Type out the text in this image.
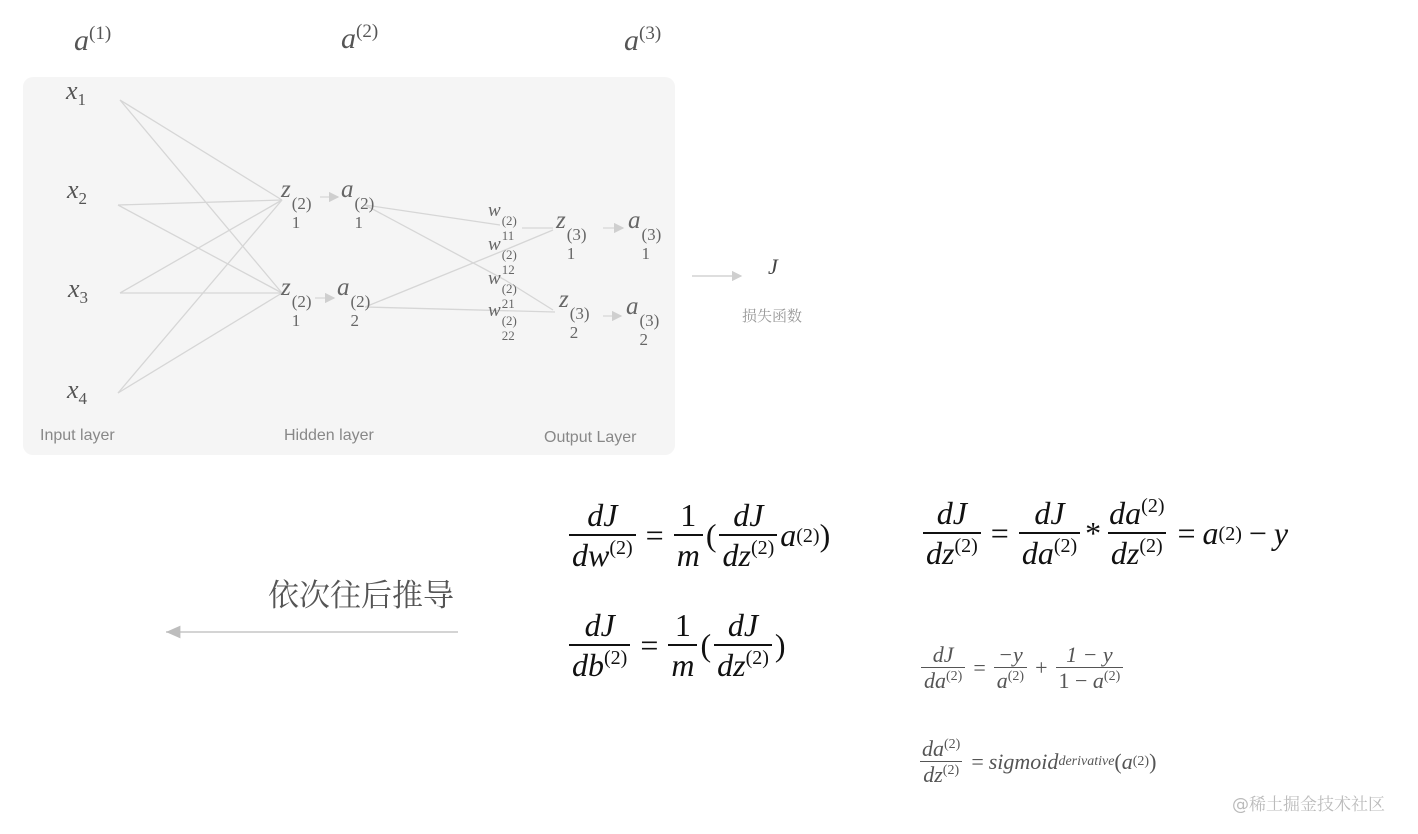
$a^{(1)}$	$a^{(2)}$	$a^{(3)}$
$x_1$
$x_2$
$x_3$
$x_4$
z
(2)
1
a
(2)
1
z
(2)
1
a
(2)
2
w (2)
11
w (2)
12
w (2)
21
w (2)
22
z
(3)
1
a
(3)
1
z
(3)
2
a
(3)
2
Input layer	Hidden layer	Output Layer
J
损失函数
依次往后推导
$\frac{dJ}{dw^{(2)}} = \frac{1}{m}$ ( $\frac{dJ}{dz^{(2)}}$ a (2) )
$\frac{dJ}{db^{(2)}} = \frac{1}{m}$ ( $\frac{dJ}{dz^{(2)}}$ )
$\frac{dJ}{dz^{(2)}} = \frac{dJ}{da^{(2)}} * \frac{da^{(2)}}{dz^{(2)}} = a$ (2) − y
$\frac{dJ}{da^{(2)}} = \frac{-y}{a^{(2)}} + \frac{1 - y}{1 - a^{(2)}}$
$\frac{da^{(2)}}{dz^{(2)}}$ = sigmoid derivative ( a (2) )
@稀土掘金技术社区
